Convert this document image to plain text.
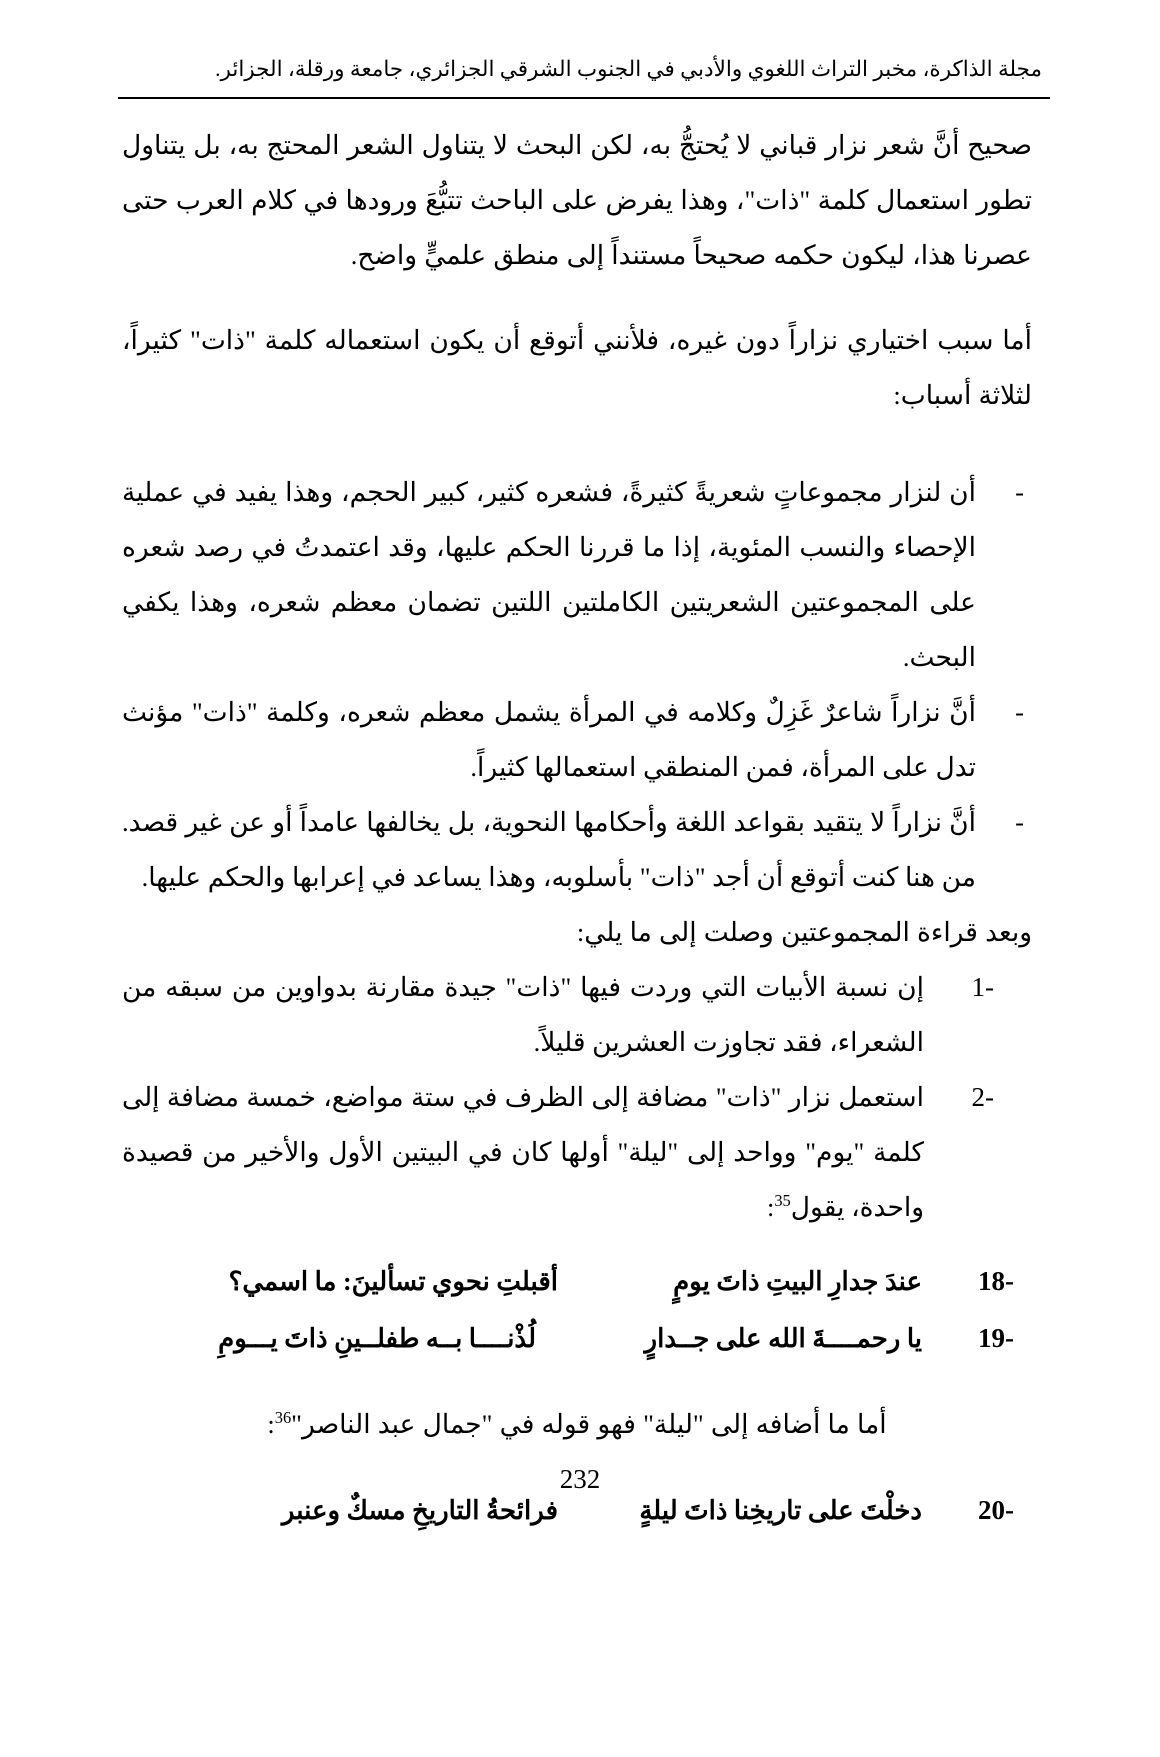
مجلة الذاكرة، مخبر التراث اللغوي والأدبي في الجنوب الشرقي الجزائري، جامعة ورقلة، الجزائر.

صحيح أنَّ شعر نزار قباني لا يُحتجُّ به، لكن البحث لا يتناول الشعر المحتج به، بل يتناول تطور استعمال كلمة "ذات"، وهذا يفرض على الباحث تتبُّعَ ورودها في كلام العرب حتى عصرنا هذا، ليكون حكمه صحيحاً مستنداً إلى منطق علميٍّ واضح.

أما سبب اختياري نزاراً دون غيره، فلأنني أتوقع أن يكون استعماله كلمة "ذات" كثيراً، لثلاثة أسباب:

-
أن لنزار مجموعاتٍ شعريةً كثيرةً، فشعره كثير، كبير الحجم، وهذا يفيد في عملية الإحصاء والنسب المئوية، إذا ما قررنا الحكم عليها، وقد اعتمدتُ في رصد شعره على المجموعتين الشعريتين الكاملتين اللتين تضمان معظم شعره، وهذا يكفي البحث.
-
أنَّ نزاراً شاعرٌ غَزِلٌ وكلامه في المرأة يشمل معظم شعره، وكلمة "ذات" مؤنث تدل على المرأة، فمن المنطقي استعمالها كثيراً.
-
أنَّ نزاراً لا يتقيد بقواعد اللغة وأحكامها النحوية، بل يخالفها عامداً أو عن غير قصد. من هنا كنت أتوقع أن أجد "ذات" بأسلوبه، وهذا يساعد في إعرابها والحكم عليها.

وبعد قراءة المجموعتين وصلت إلى ما يلي:

1-
إن نسبة الأبيات التي وردت فيها "ذات" جيدة مقارنة بدواوين من سبقه من الشعراء، فقد تجاوزت العشرين قليلاً.
2-
استعمل نزار "ذات" مضافة إلى الظرف في ستة مواضع، خمسة مضافة إلى كلمة "يوم" وواحد إلى "ليلة" أولها كان في البيتين الأول والأخير من قصيدة واحدة، يقول$^{35}$:
18-
عندَ جدارِ البيتِ ذاتَ يومٍ
أقبلتِ نحوي تسألينَ: ما اسمي؟
19-
يا رحمــــةَ الله على جــدارٍ
لُذْنــــا بــه طفلــينِ ذاتَ يـــومِ

أما ما أضافه إلى "ليلة" فهو قوله في "جمال عبد الناصر"$^{36}$:

20-
دخلْتَ على تاريخِنا ذاتَ ليلةٍ
فرائحةُ التاريخِ مسكٌ وعنبر
232
